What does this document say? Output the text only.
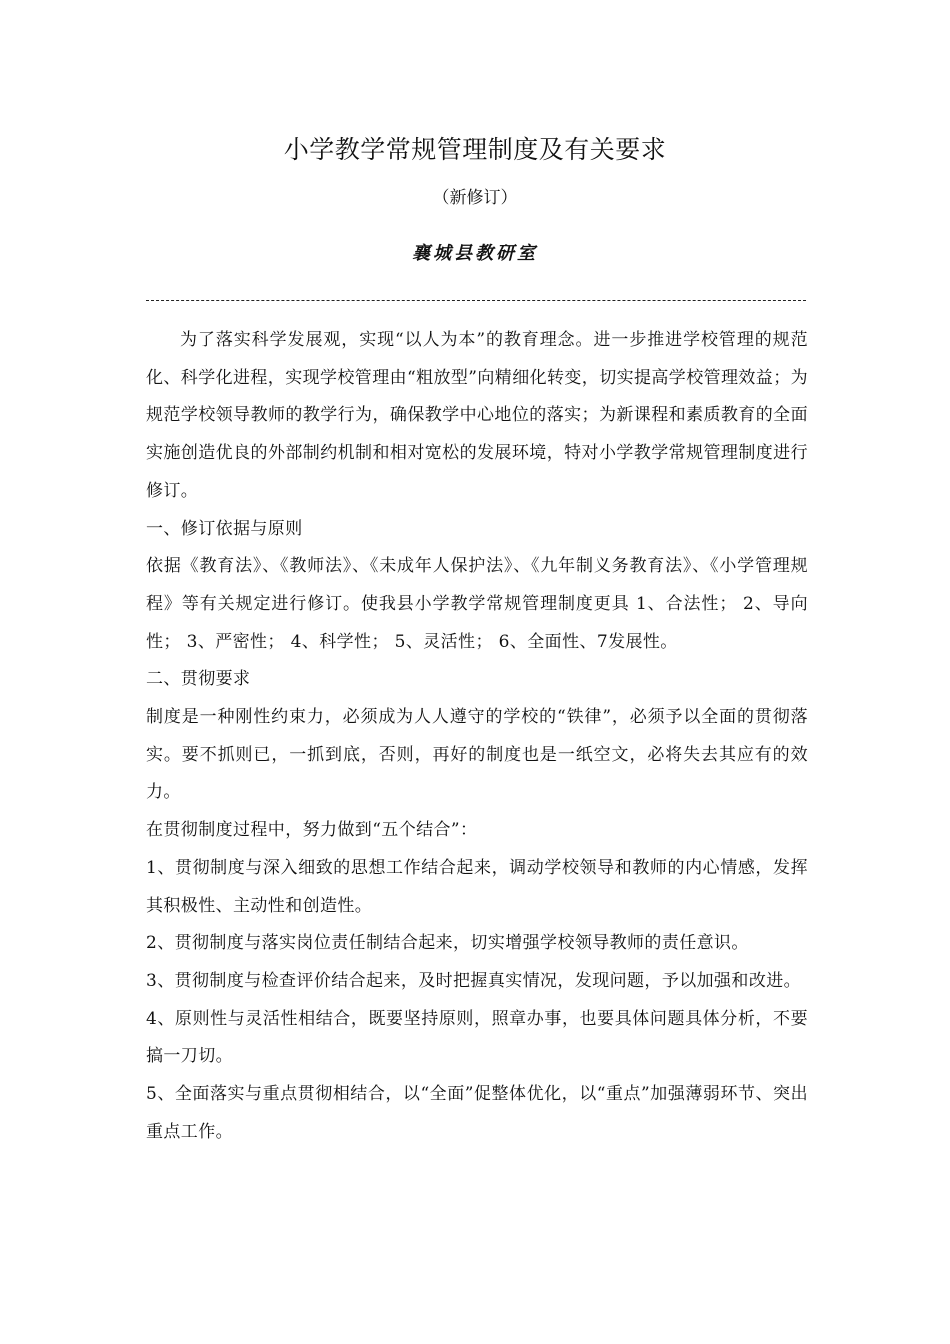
小学教学常规管理制度及有关要求
（新修订）
襄城县教研室

为了落实科学发展观，实现“以人为本”的教育理念。进一步推进学校管理的规范化、科学化进程，实现学校管理由“粗放型”向精细化转变，切实提高学校管理效益；为规范学校领导教师的教学行为，确保教学中心地位的落实；为新课程和素质教育的全面实施创造优良的外部制约机制和相对宽松的发展环境，特对小学教学常规管理制度进行修订。

一、修订依据与原则

依据《教育法》、《教师法》、《未成年人保护法》、《九年制义务教育法》、《小学管理规程》等有关规定进行修订。使我县小学教学常规管理制度更具 1、合法性； 2、导向性； 3、严密性； 4、科学性； 5、灵活性； 6、全面性、7发展性。

二、贯彻要求

制度是一种刚性约束力，必须成为人人遵守的学校的“铁律”，必须予以全面的贯彻落实。要不抓则已，一抓到底，否则，再好的制度也是一纸空文，必将失去其应有的效力。

在贯彻制度过程中，努力做到“五个结合”：

1、贯彻制度与深入细致的思想工作结合起来，调动学校领导和教师的内心情感，发挥其积极性、主动性和创造性。

2、贯彻制度与落实岗位责任制结合起来，切实增强学校领导教师的责任意识。

3、贯彻制度与检查评价结合起来，及时把握真实情况，发现问题，予以加强和改进。

4、原则性与灵活性相结合，既要坚持原则，照章办事，也要具体问题具体分析，不要搞一刀切。

5、全面落实与重点贯彻相结合，以“全面”促整体优化，以“重点”加强薄弱环节、突出重点工作。
